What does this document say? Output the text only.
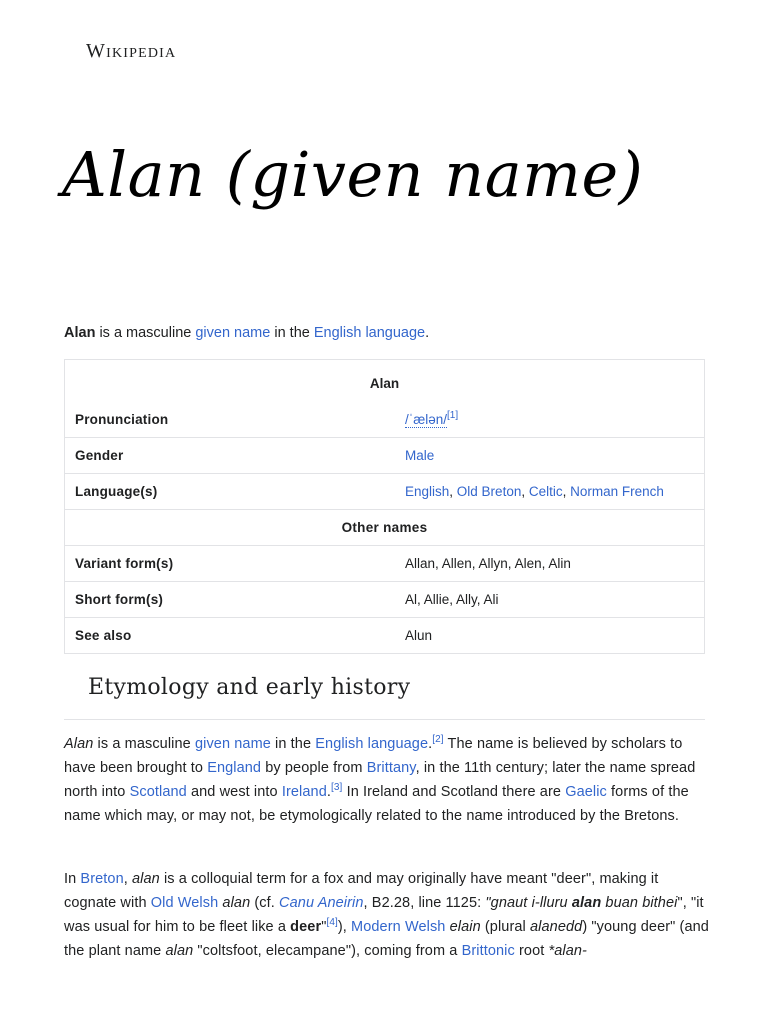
Wikipedia
Alan (given name)

Alan is a masculine given name in the English language.

Alan	
Pronunciation	/ˈælən/[1]
Gender	Male
Language(s)	English, Old Breton, Celtic, Norman French
Other names	
Variant form(s)	Allan, Allen, Allyn, Alen, Alin
Short form(s)	Al, Allie, Ally, Ali
See also	Alun
Etymology and early history

Alan is a masculine given name in the English language.[2] The name is believed by scholars to have been brought to England by people from Brittany, in the 11th century; later the name spread north into Scotland and west into Ireland.[3] In Ireland and Scotland there are Gaelic forms of the name which may, or may not, be etymologically related to the name introduced by the Bretons.

In Breton, alan is a colloquial term for a fox and may originally have meant "deer", making it cognate with Old Welsh alan (cf. Canu Aneirin, B2.28, line 1125: "gnaut i-lluru alan buan bithei", "it was usual for him to be fleet like a deer"[4]), Modern Welsh elain (plural alanedd) "young deer" (and the plant name alan "coltsfoot, elecampane"), coming from a Brittonic root *alan-
